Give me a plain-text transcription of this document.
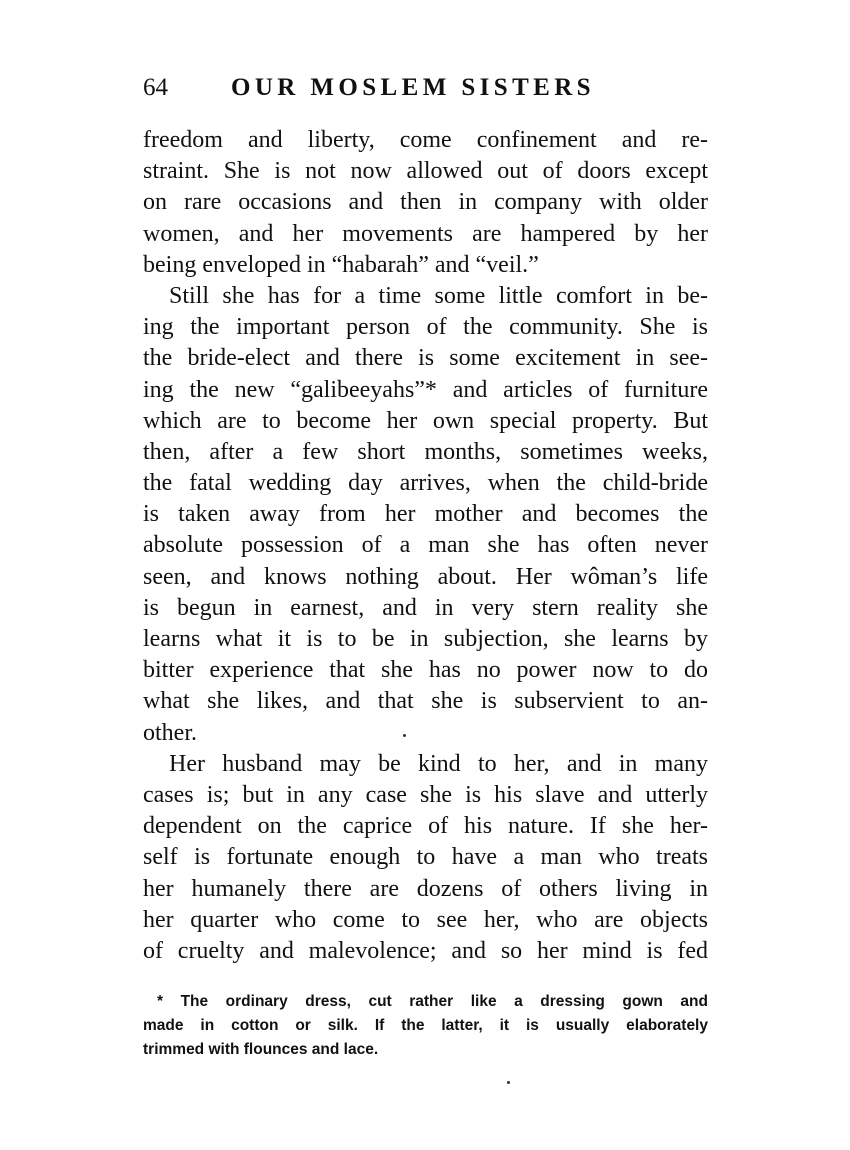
64	OUR MOSLEM SISTERS
freedom and liberty, come confinement and re-
straint. She is not now allowed out of doors except
on rare occasions and then in company with older
women, and her movements are hampered by her
being enveloped in “habarah” and “veil.”
Still she has for a time some little comfort in be-
ing the important person of the community. She is
the bride-elect and there is some excitement in see-
ing the new “galibeeyahs”* and articles of furniture
which are to become her own special property. But
then, after a few short months, sometimes weeks,
the fatal wedding day arrives, when the child-bride
is taken away from her mother and becomes the
absolute possession of a man she has often never
seen, and knows nothing about. Her wôman’s life
is begun in earnest, and in very stern reality she
learns what it is to be in subjection, she learns by
bitter experience that she has no power now to do
what she likes, and that she is subservient to an-
other.
Her husband may be kind to her, and in many
cases is; but in any case she is his slave and utterly
dependent on the caprice of his nature. If she her-
self is fortunate enough to have a man who treats
her humanely there are dozens of others living in
her quarter who come to see her, who are objects
of cruelty and malevolence; and so her mind is fed
* The ordinary dress, cut rather like a dressing gown and
made in cotton or silk. If the latter, it is usually elaborately
trimmed with flounces and lace.
